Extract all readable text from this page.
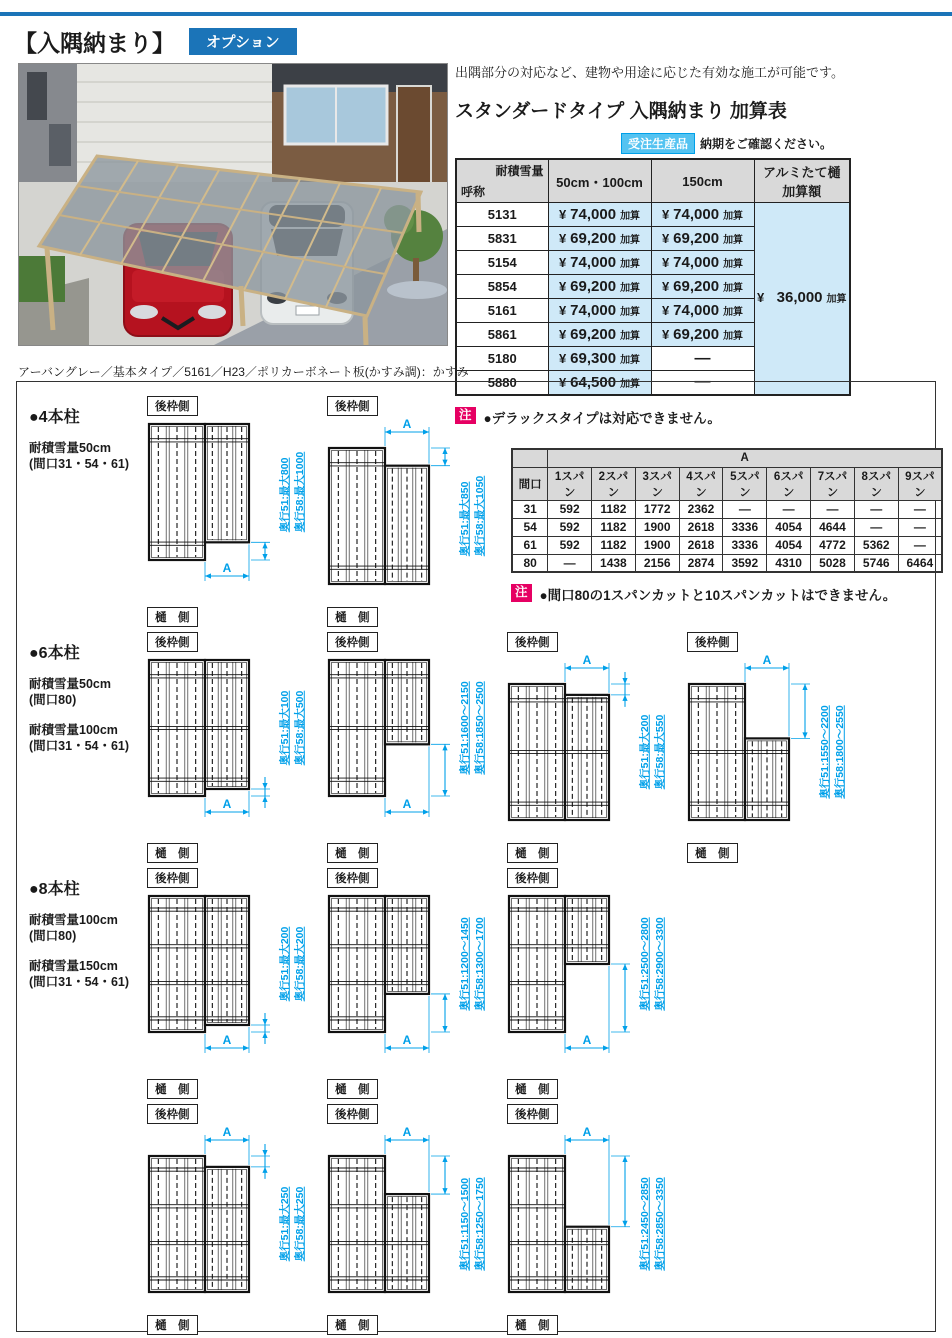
【入隅納まり】	オプション

アーバングレー／基本タイプ／5161／H23／ポリカーボネート板(かすみ調)：かすみ

出隅部分の対応など、建物や用途に応じた有効な施工が可能です。

スタンダードタイプ 入隅納まり 加算表
受注生産品	納期をご確認ください。
耐積雪量
呼称	50cm・100cm	150cm	アルミたて樋
加算額
5131	¥ 74,000 加算	¥ 74,000 加算	¥
36,000 加算

5831	¥ 69,200 加算	¥ 69,200 加算	

5154	¥ 74,000 加算	¥ 74,000 加算	

5854	¥ 69,200 加算	¥ 69,200 加算	

5161	¥ 74,000 加算	¥ 74,000 加算	

5861	¥ 69,200 加算	¥ 69,200 加算	

5180	¥ 69,300 加算	—	
5880	¥ 64,500 加算	—	
注 ●デラックスタイプは対応できません。
●4本柱
耐積雪量50cm
(間口31・54・61)
後枠側
A
奥行51:最大800 奥行58:最大1000
樋　側
後枠側
A
奥行51:最大850 奥行58:最大1050
樋　側
	A								
間口	1スパン	2スパン	3スパン	4スパン	5スパン	6スパン	7スパン	8スパン	9スパン
31	592	1182	1772	2362	—	—	—	—	—
54	592	1182	1900	2618	3336	4054	4644	—	—
61	592	1182	1900	2618	3336	4054	4772	5362	—
80	—	1438	2156	2874	3592	4310	5028	5746	6464
注 ●間口80の1スパンカットと10スパンカットはできません。
●6本柱
耐積雪量50cm
(間口80)
耐積雪量100cm
(間口31・54・61)
後枠側
A
奥行51:最大100 奥行58:最大500
樋　側
後枠側
A
奥行51:1600〜2150 奥行58:1850〜2500
樋　側
後枠側
A
奥行51:最大200 奥行58:最大550
樋　側
後枠側
A
奥行51:1550〜2200 奥行58:1800〜2550
樋　側
●8本柱
耐積雪量100cm
(間口80)
耐積雪量150cm
(間口31・54・61)
後枠側
A
奥行51:最大200 奥行58:最大200
樋　側
後枠側
A
奥行51:1200〜1450 奥行58:1300〜1700
樋　側
後枠側
A
奥行51:2500〜2800 奥行58:2900〜3300
樋　側
後枠側
A
奥行51:最大250 奥行58:最大250
樋　側
後枠側
A
奥行51:1150〜1500 奥行58:1250〜1750
樋　側
後枠側
A
奥行51:2450〜2850 奥行58:2850〜3350
樋　側
